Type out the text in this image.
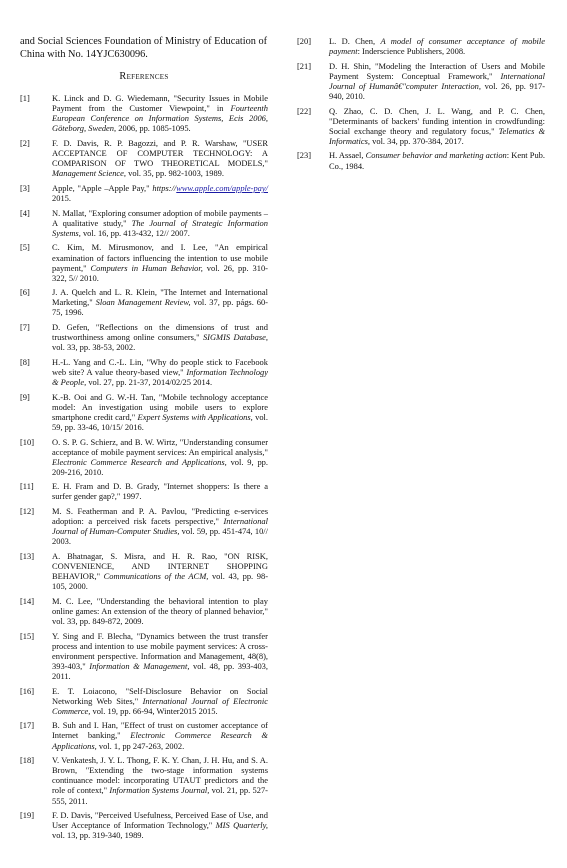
and Social Sciences Foundation of Ministry of Education of China with No. 14YJC630096.

References
[1]	K. Linck and D. G. Wiedemann, "Security Issues in Mobile Payment from the Customer Viewpoint," in Fourteenth European Conference on Information Systems, Ecis 2006, Göteborg, Sweden, 2006, pp. 1085-1095.
[2]	F. D. Davis, R. P. Bagozzi, and P. R. Warshaw, "USER ACCEPTANCE OF COMPUTER TECHNOLOGY: A COMPARISON OF TWO THEORETICAL MODELS," Management Science, vol. 35, pp. 982-1003, 1989.
[3]	Apple, "Apple –Apple Pay," https://www.apple.com/apple-pay/ 2015.
[4]	N. Mallat, "Exploring consumer adoption of mobile payments – A qualitative study," The Journal of Strategic Information Systems, vol. 16, pp. 413-432, 12// 2007.
[5]	C. Kim, M. Mirusmonov, and I. Lee, "An empirical examination of factors influencing the intention to use mobile payment," Computers in Human Behavior, vol. 26, pp. 310-322, 5// 2010.
[6]	J. A. Quelch and L. R. Klein, "The Internet and International Marketing," Sloan Management Review, vol. 37, pp. págs. 60-75, 1996.
[7]	D. Gefen, "Reflections on the dimensions of trust and trustworthiness among online consumers," SIGMIS Database, vol. 33, pp. 38-53, 2002.
[8]	H.-L. Yang and C.-L. Lin, "Why do people stick to Facebook web site? A value theory-based view," Information Technology & People, vol. 27, pp. 21-37, 2014/02/25 2014.
[9]	K.-B. Ooi and G. W.-H. Tan, "Mobile technology acceptance model: An investigation using mobile users to explore smartphone credit card," Expert Systems with Applications, vol. 59, pp. 33-46, 10/15/ 2016.
[10]	O. S. P. G. Schierz, and B. W. Wirtz, "Understanding consumer acceptance of mobile payment services: An empirical analysis," Electronic Commerce Research and Applications, vol. 9, pp. 209-216, 2010.
[11]	E. H. Fram and D. B. Grady, "Internet shoppers: Is there a surfer gender gap?," 1997.
[12]	M. S. Featherman and P. A. Pavlou, "Predicting e-services adoption: a perceived risk facets perspective," International Journal of Human-Computer Studies, vol. 59, pp. 451-474, 10// 2003.
[13]	A. Bhatnagar, S. Misra, and H. R. Rao, "ON RISK, CONVENIENCE, AND INTERNET SHOPPING BEHAVIOR," Communications of the ACM, vol. 43, pp. 98-105, 2000.
[14]	M. C. Lee, "Understanding the behavioral intention to play online games: An extension of the theory of planned behavior," vol. 33, pp. 849-872, 2009.
[15]	Y. Sing and F. Blecha, "Dynamics between the trust transfer process and intention to use mobile payment services: A cross-environment perspective. Information and Management, 48(8), 393-403," Information & Management, vol. 48, pp. 393-403, 2011.
[16]	E. T. Loiacono, "Self-Disclosure Behavior on Social Networking Web Sites," International Journal of Electronic Commerce, vol. 19, pp. 66-94, Winter2015 2015.
[17]	B. Suh and I. Han, "Effect of trust on customer acceptance of Internet banking," Electronic Commerce Research & Applications, vol. 1, pp 247-263, 2002.
[18]	V. Venkatesh, J. Y. L. Thong, F. K. Y. Chan, J. H. Hu, and S. A. Brown, "Extending the two-stage information systems continuance model: incorporating UTAUT predictors and the role of context," Information Systems Journal, vol. 21, pp. 527-555, 2011.
[19]	F. D. Davis, "Perceived Usefulness, Perceived Ease of Use, and User Acceptance of Information Technology," MIS Quarterly, vol. 13, pp. 319-340, 1989.
[20]	L. D. Chen, A model of consumer acceptance of mobile payment: Inderscience Publishers, 2008.
[21]	D. H. Shin, "Modeling the Interaction of Users and Mobile Payment System: Conceptual Framework," International Journal of Humanâ€"computer Interaction, vol. 26, pp. 917-940, 2010.
[22]	Q. Zhao, C. D. Chen, J. L. Wang, and P. C. Chen, "Determinants of backers' funding intention in crowdfunding: Social exchange theory and regulatory focus," Telematics & Informatics, vol. 34, pp. 370-384, 2017.
[23]	H. Assael, Consumer behavior and marketing action: Kent Pub. Co., 1984.
